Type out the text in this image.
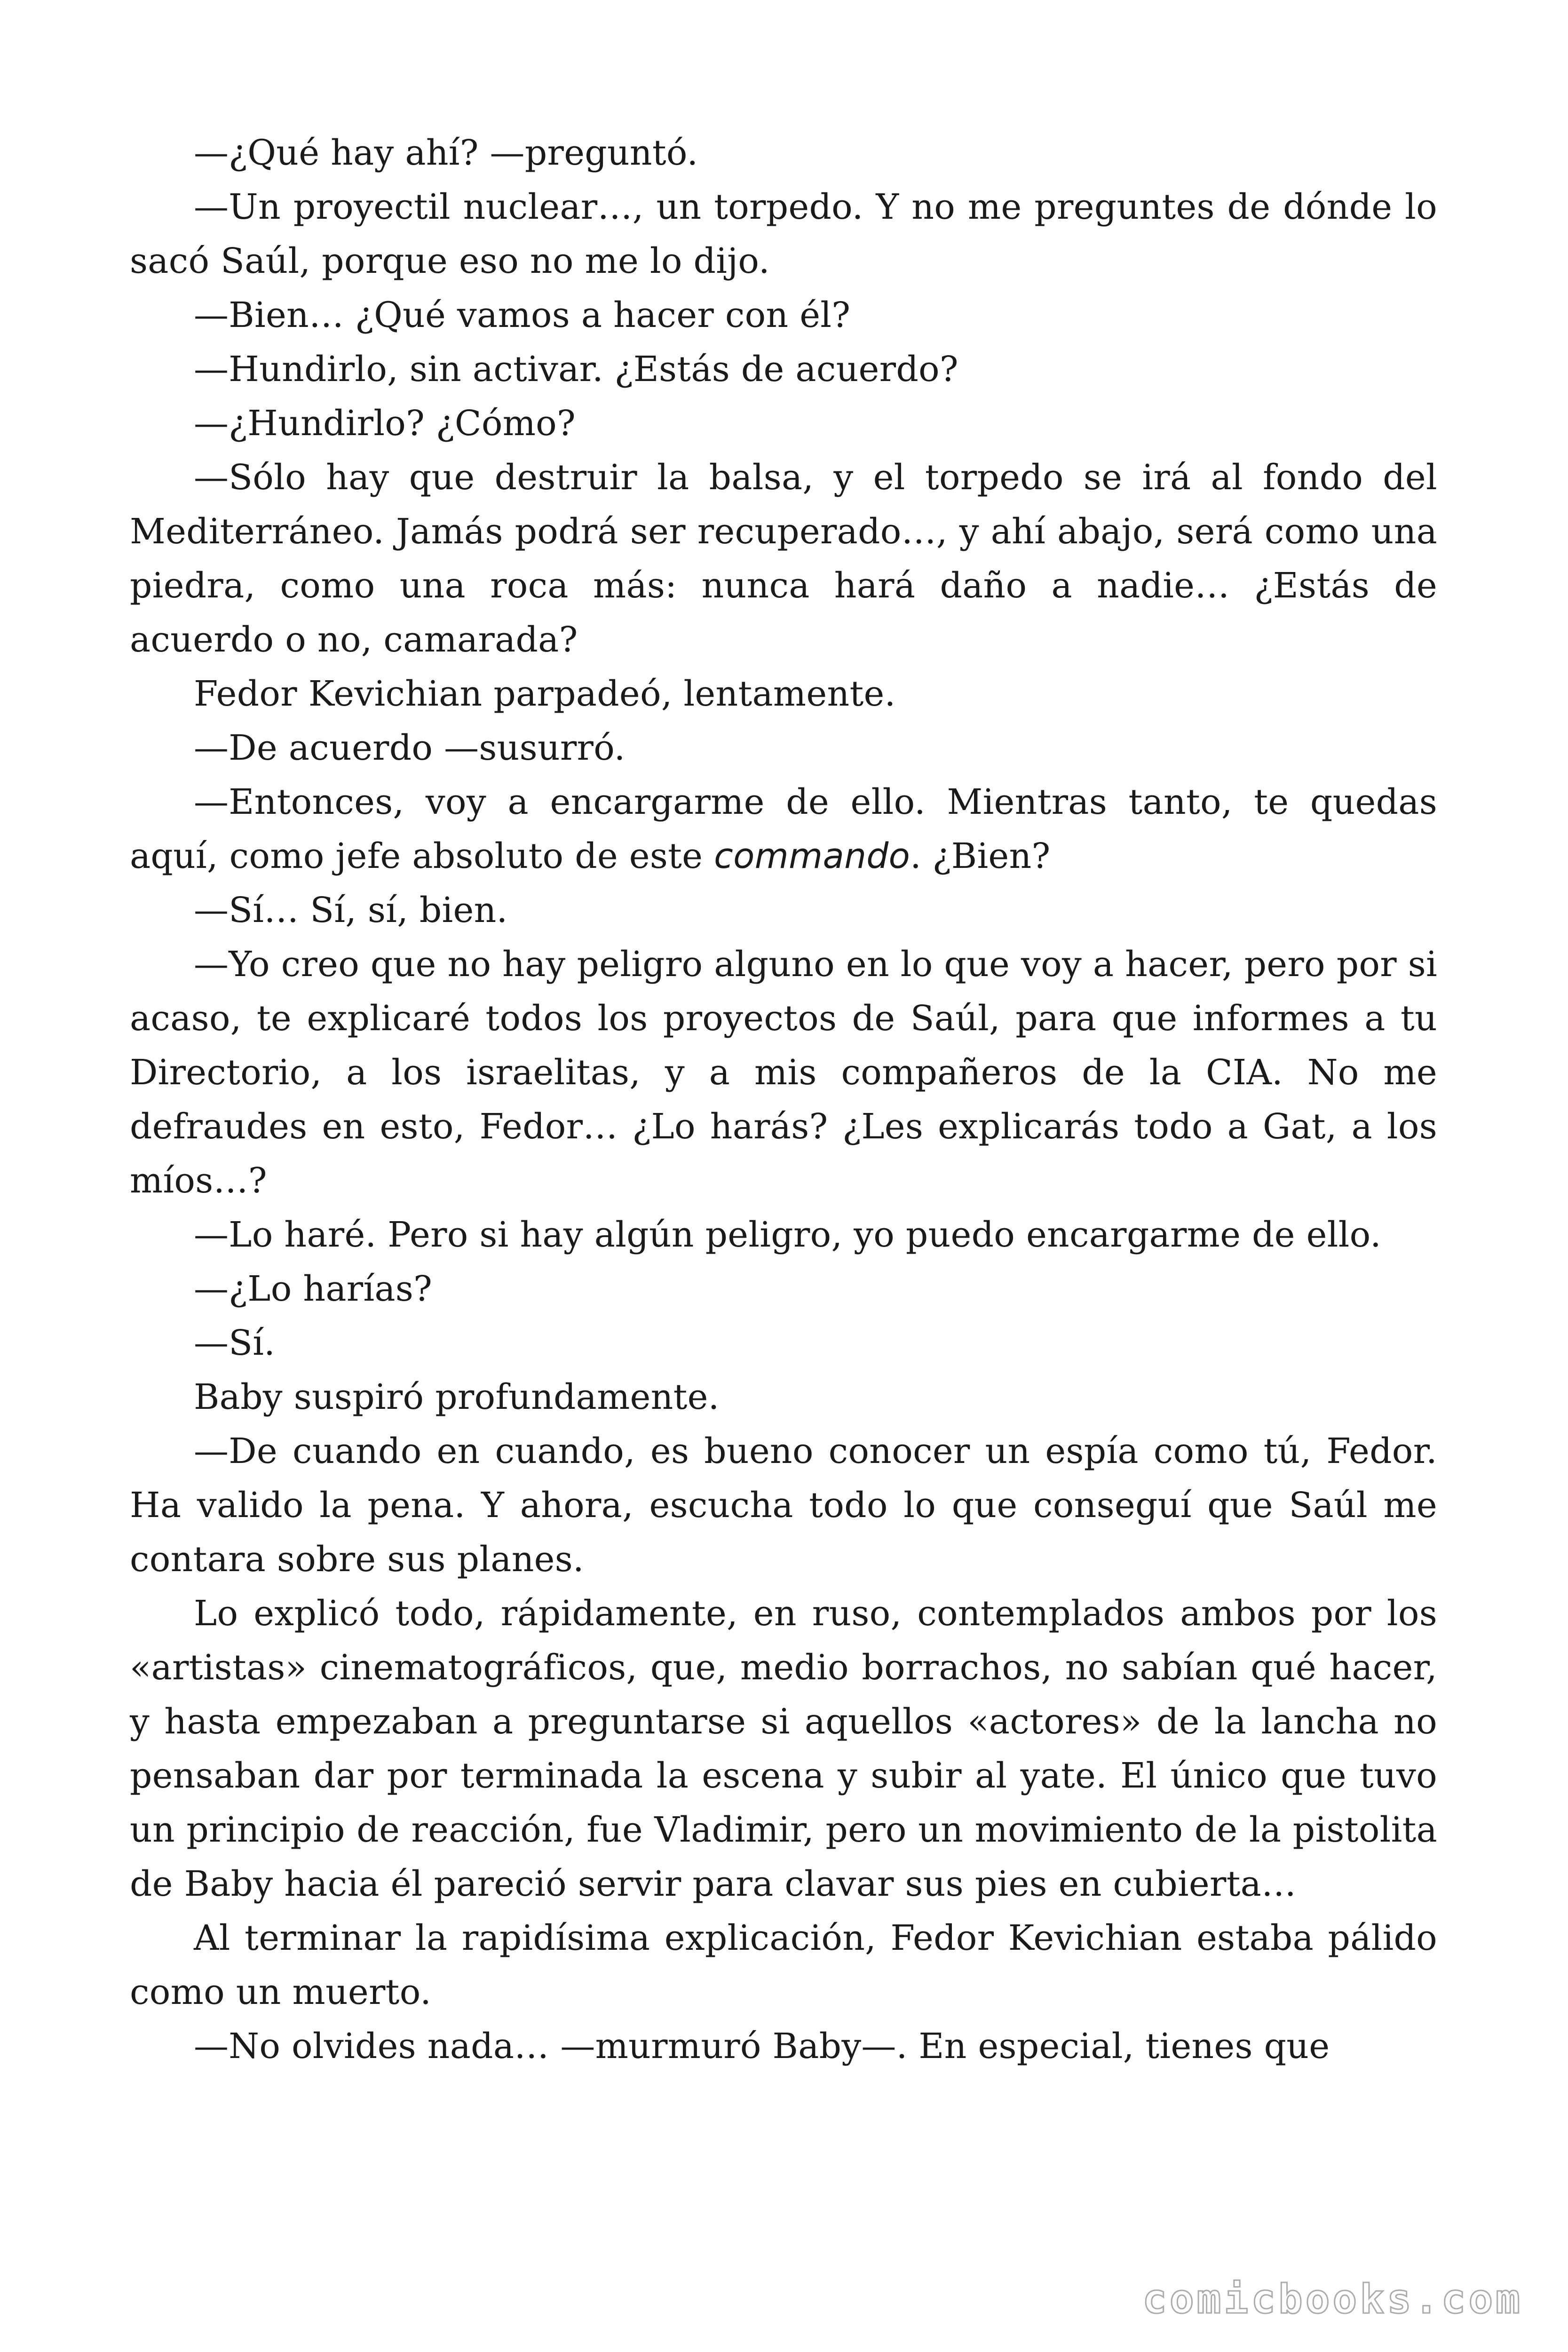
—¿Qué hay ahí? —preguntó.

—Un proyectil nuclear…, un torpedo. Y no me preguntes de dónde lo sacó Saúl, porque eso no me lo dijo.

—Bien… ¿Qué vamos a hacer con él?

—Hundirlo, sin activar. ¿Estás de acuerdo?

—¿Hundirlo? ¿Cómo?

—Sólo hay que destruir la balsa, y el torpedo se irá al fondo del Mediterráneo. Jamás podrá ser recuperado…, y ahí abajo, será como una piedra, como una roca más: nunca hará daño a nadie… ¿Estás de acuerdo o no, camarada?

Fedor Kevichian parpadeó, lentamente.

—De acuerdo —susurró.

—Entonces, voy a encargarme de ello. Mientras tanto, te quedas aquí, como jefe absoluto de este commando. ¿Bien?

—Sí… Sí, sí, bien.

—Yo creo que no hay peligro alguno en lo que voy a hacer, pero por si acaso, te explicaré todos los proyectos de Saúl, para que informes a tu Directorio, a los israelitas, y a mis compañeros de la CIA. No me defraudes en esto, Fedor… ¿Lo harás? ¿Les explicarás todo a Gat, a los míos…?

—Lo haré. Pero si hay algún peligro, yo puedo encargarme de ello.

—¿Lo harías?

—Sí.

Baby suspiró profundamente.

—De cuando en cuando, es bueno conocer un espía como tú, Fedor. Ha valido la pena. Y ahora, escucha todo lo que conseguí que Saúl me contara sobre sus planes.

Lo explicó todo, rápidamente, en ruso, contemplados ambos por los «artistas» cinematográficos, que, medio borrachos, no sabían qué hacer, y hasta empezaban a preguntarse si aquellos «actores» de la lancha no pensaban dar por terminada la escena y subir al yate. El único que tuvo un principio de reacción, fue Vladimir, pero un movimiento de la pistolita de Baby hacia él pareció servir para clavar sus pies en cubierta…

Al terminar la rapidísima explicación, Fedor Kevichian estaba pálido como un muerto.

—No olvides nada… —murmuró Baby—. En especial, tienes que

comicbooks.com
